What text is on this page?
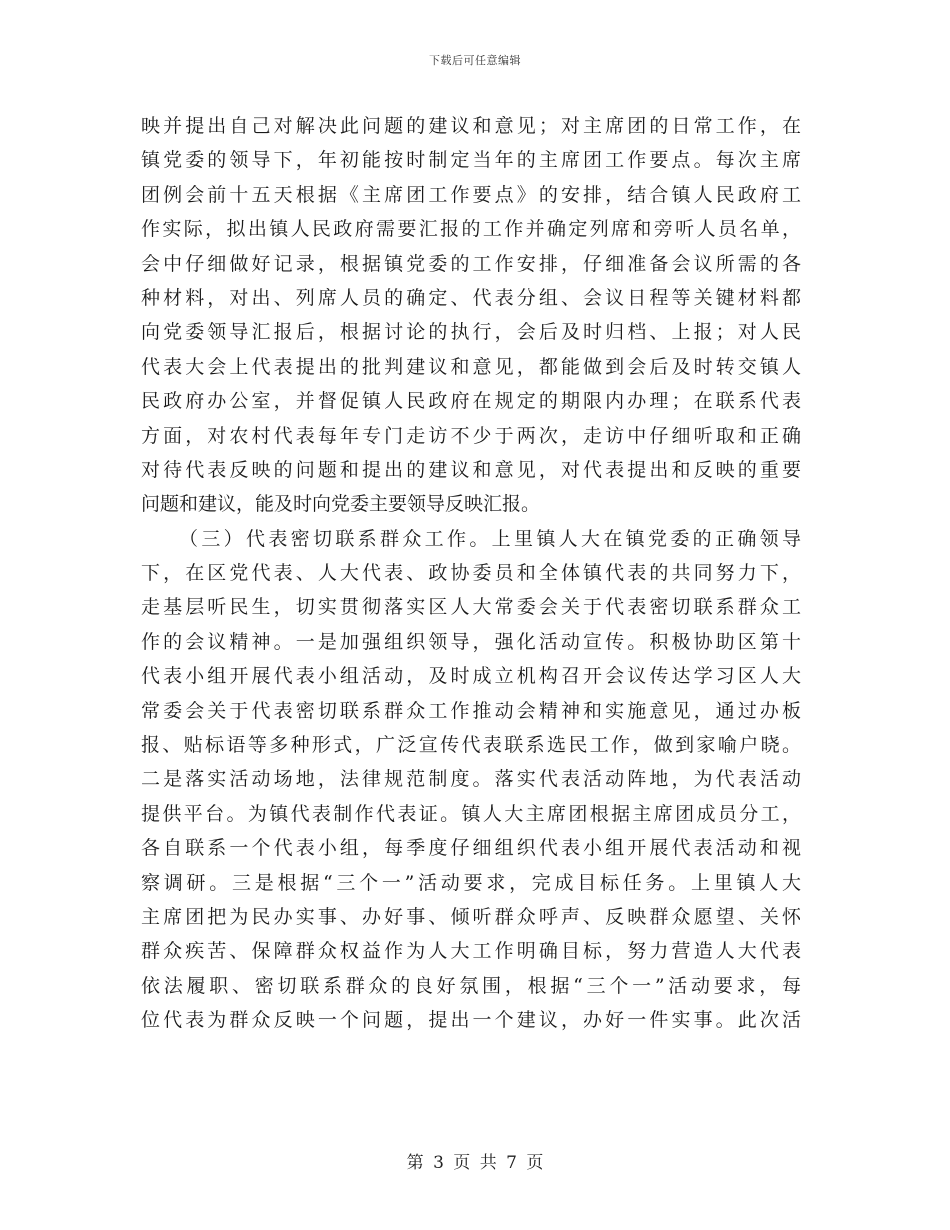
下载后可任意编辑
映并提出自己对解决此问题的建议和意见；对主席团的日常工作，在
镇党委的领导下，年初能按时制定当年的主席团工作要点。每次主席
团例会前十五天根据《主席团工作要点》的安排，结合镇人民政府工
作实际，拟出镇人民政府需要汇报的工作并确定列席和旁听人员名单，
会中仔细做好记录，根据镇党委的工作安排，仔细准备会议所需的各
种材料，对出、列席人员的确定、代表分组、会议日程等关键材料都
向党委领导汇报后，根据讨论的执行，会后及时归档、上报；对人民
代表大会上代表提出的批判建议和意见，都能做到会后及时转交镇人
民政府办公室，并督促镇人民政府在规定的期限内办理；在联系代表
方面，对农村代表每年专门走访不少于两次，走访中仔细听取和正确
对待代表反映的问题和提出的建议和意见，对代表提出和反映的重要
问题和建议，能及时向党委主要领导反映汇报。
（三）代表密切联系群众工作。上里镇人大在镇党委的正确领导
下，在区党代表、人大代表、政协委员和全体镇代表的共同努力下，
走基层听民生，切实贯彻落实区人大常委会关于代表密切联系群众工
作的会议精神。一是加强组织领导，强化活动宣传。积极协助区第十
代表小组开展代表小组活动，及时成立机构召开会议传达学习区人大
常委会关于代表密切联系群众工作推动会精神和实施意见，通过办板
报、贴标语等多种形式，广泛宣传代表联系选民工作，做到家喻户晓。
二是落实活动场地，法律规范制度。落实代表活动阵地，为代表活动
提供平台。为镇代表制作代表证。镇人大主席团根据主席团成员分工，
各自联系一个代表小组，每季度仔细组织代表小组开展代表活动和视
察调研。三是根据“三个一”活动要求，完成目标任务。上里镇人大
主席团把为民办实事、办好事、倾听群众呼声、反映群众愿望、关怀
群众疾苦、保障群众权益作为人大工作明确目标，努力营造人大代表
依法履职、密切联系群众的良好氛围，根据“三个一”活动要求，每
位代表为群众反映一个问题，提出一个建议，办好一件实事。此次活
第 3 页 共 7 页
